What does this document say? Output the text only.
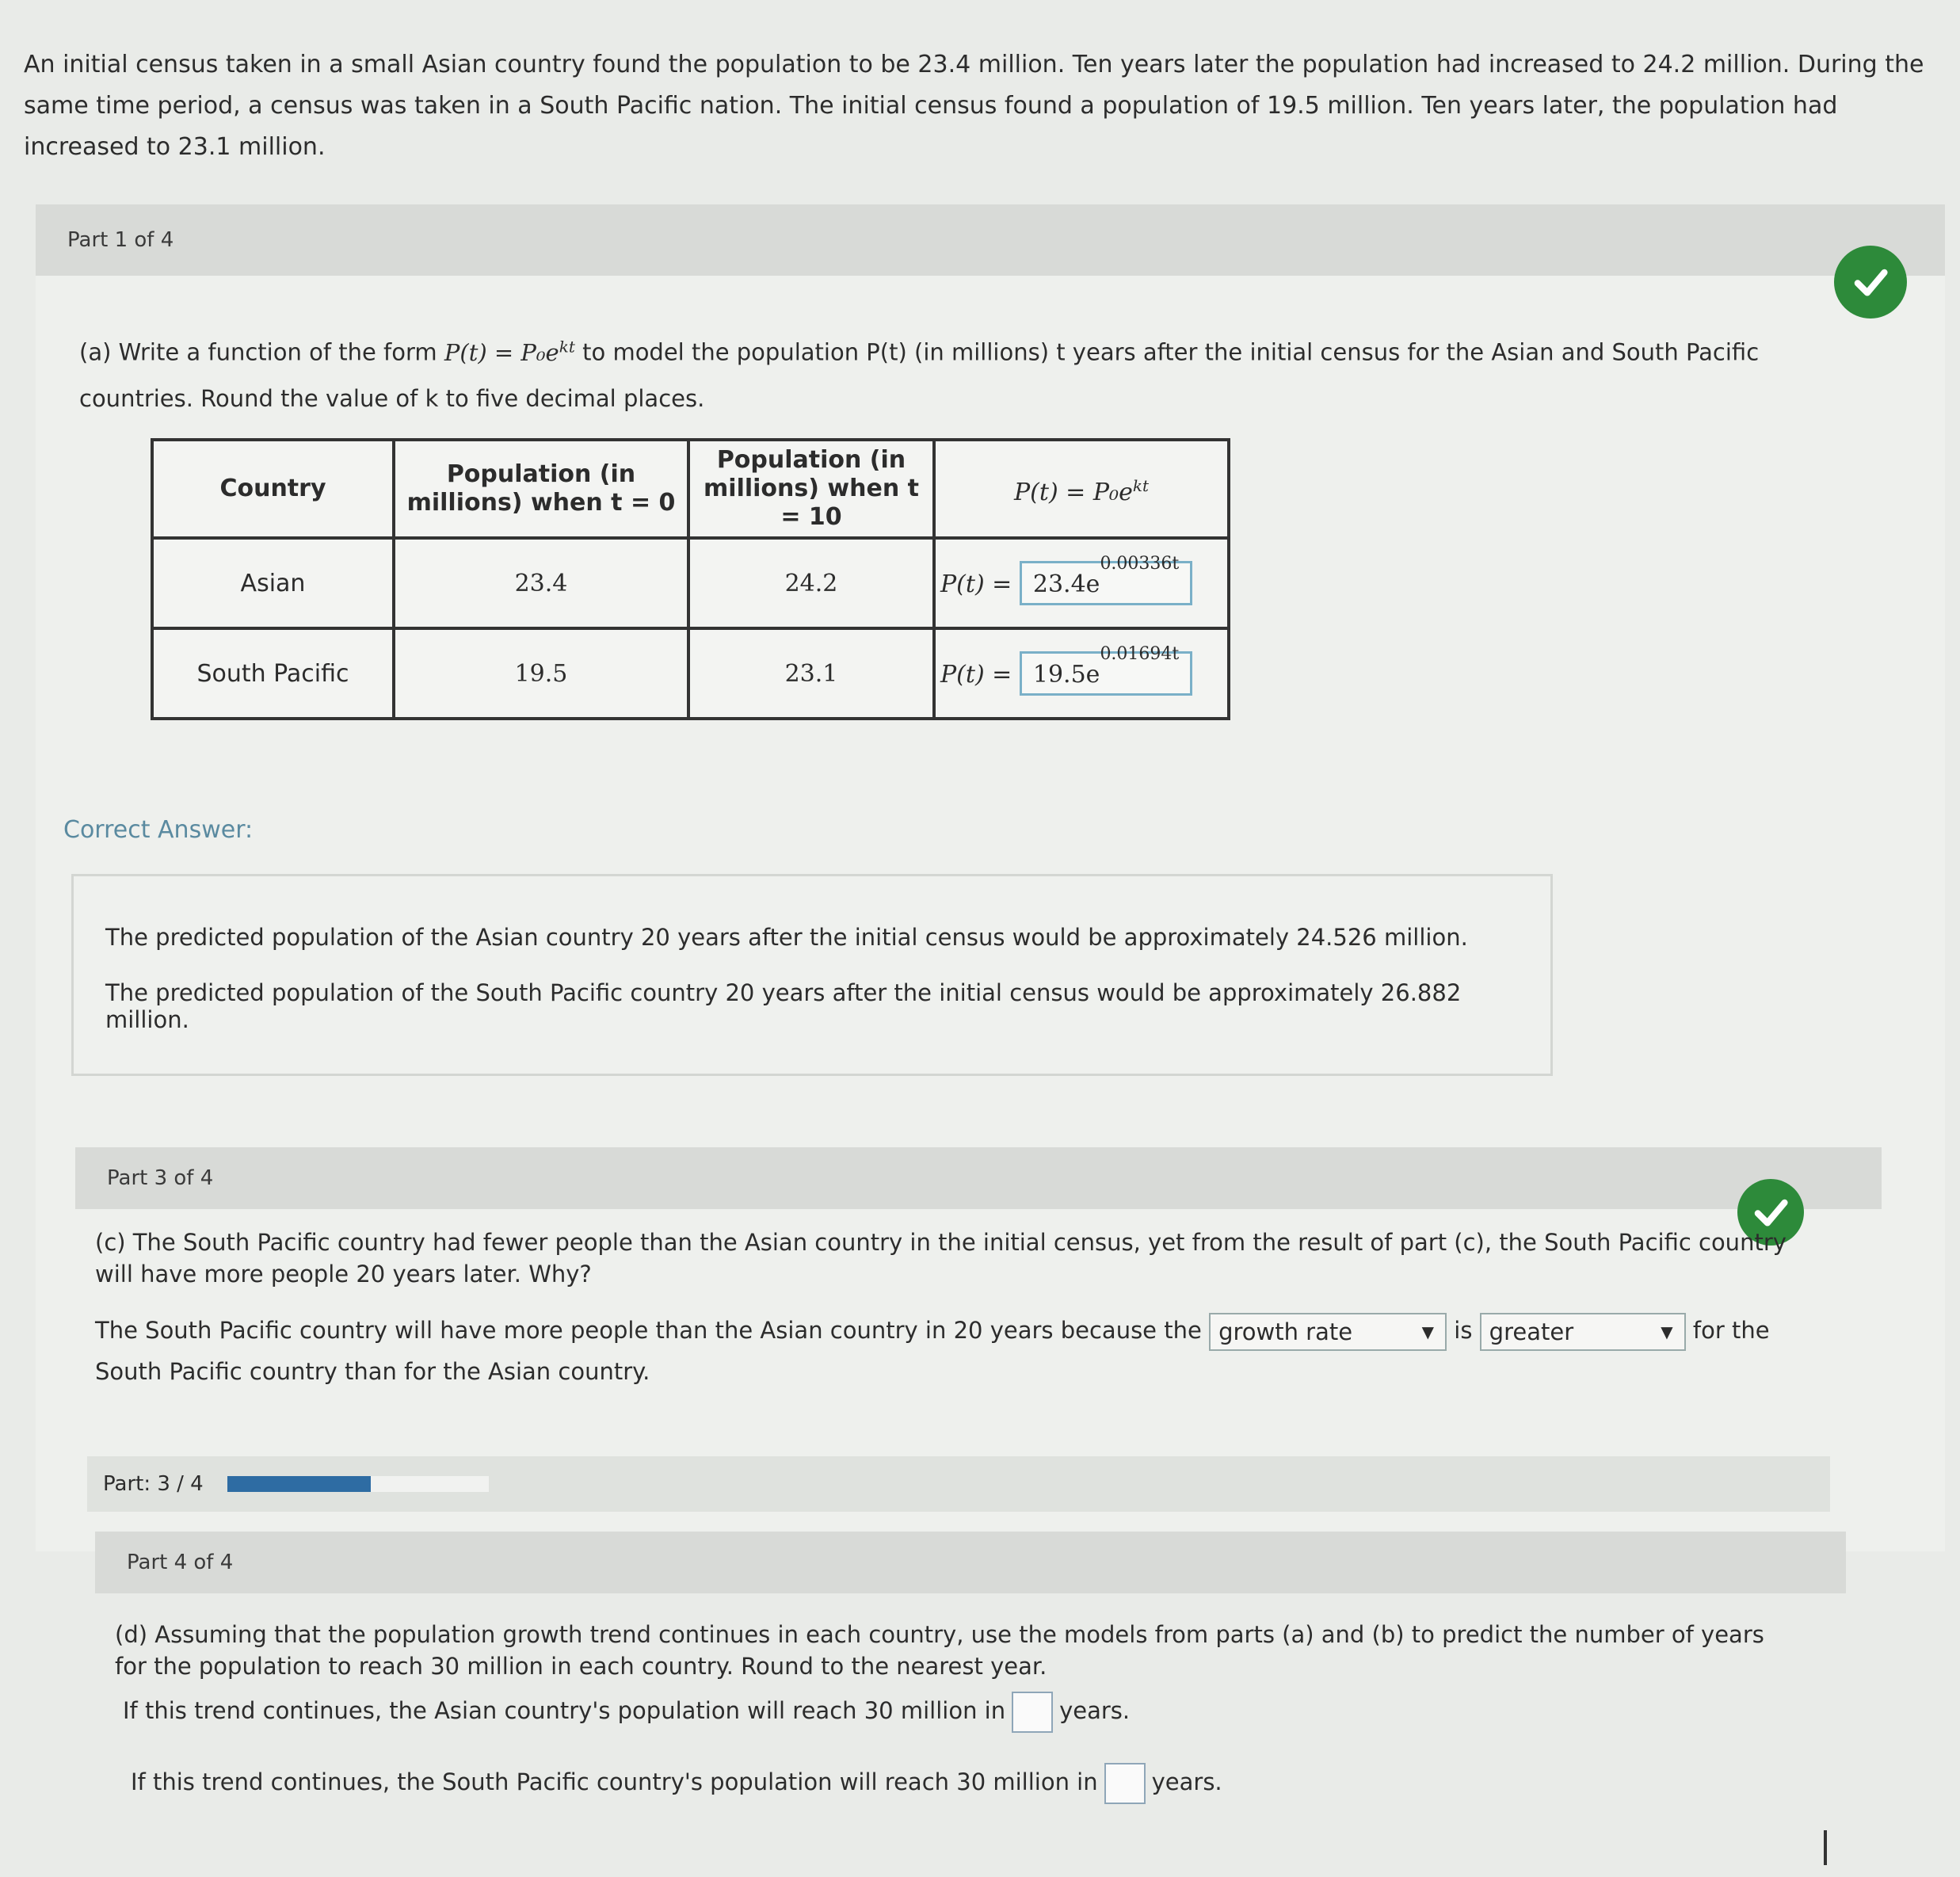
An initial census taken in a small Asian country found the population to be 23.4 million. Ten years later the population had increased to 24.2 million. During the same time period, a census was taken in a South Pacific nation. The initial census found a population of 19.5 million. Ten years later, the population had increased to 23.1 million.
Part 1 of 4
(a) Write a function of the form $P(t) = P_0e^{kt}$ to model the population P(t) (in millions) t years after the initial census for the Asian and South Pacific countries. Round the value of k to five decimal places.
Country	Population (in millions) when t = 0	Population (in millions) when t = 10	$P(t) = P_0e^{kt}$
Asian	23.4	24.2	$P(t) = 23.4e^{0.00336t}$
South Pacific	19.5	23.1	$P(t) = 19.5e^{0.01694t}$
Correct Answer:

The predicted population of the Asian country 20 years after the initial census would be approximately 24.526 million.

The predicted population of the South Pacific country 20 years after the initial census would be approximately 26.882 million.

Part 3 of 4
(c) The South Pacific country had fewer people than the Asian country in the initial census, yet from the result of part (c), the South Pacific country will have more people 20 years later. Why?
The South Pacific country will have more people than the Asian country in 20 years because the growth rate	▼ is greater	▼ for the South Pacific country than for the Asian country.
Part: 3 / 4
Part 4 of 4
(d) Assuming that the population growth trend continues in each country, use the models from parts (a) and (b) to predict the number of years for the population to reach 30 million in each country. Round to the nearest year.
If this trend continues, the Asian country's population will reach 30 million in years.
If this trend continues, the South Pacific country's population will reach 30 million in years.
